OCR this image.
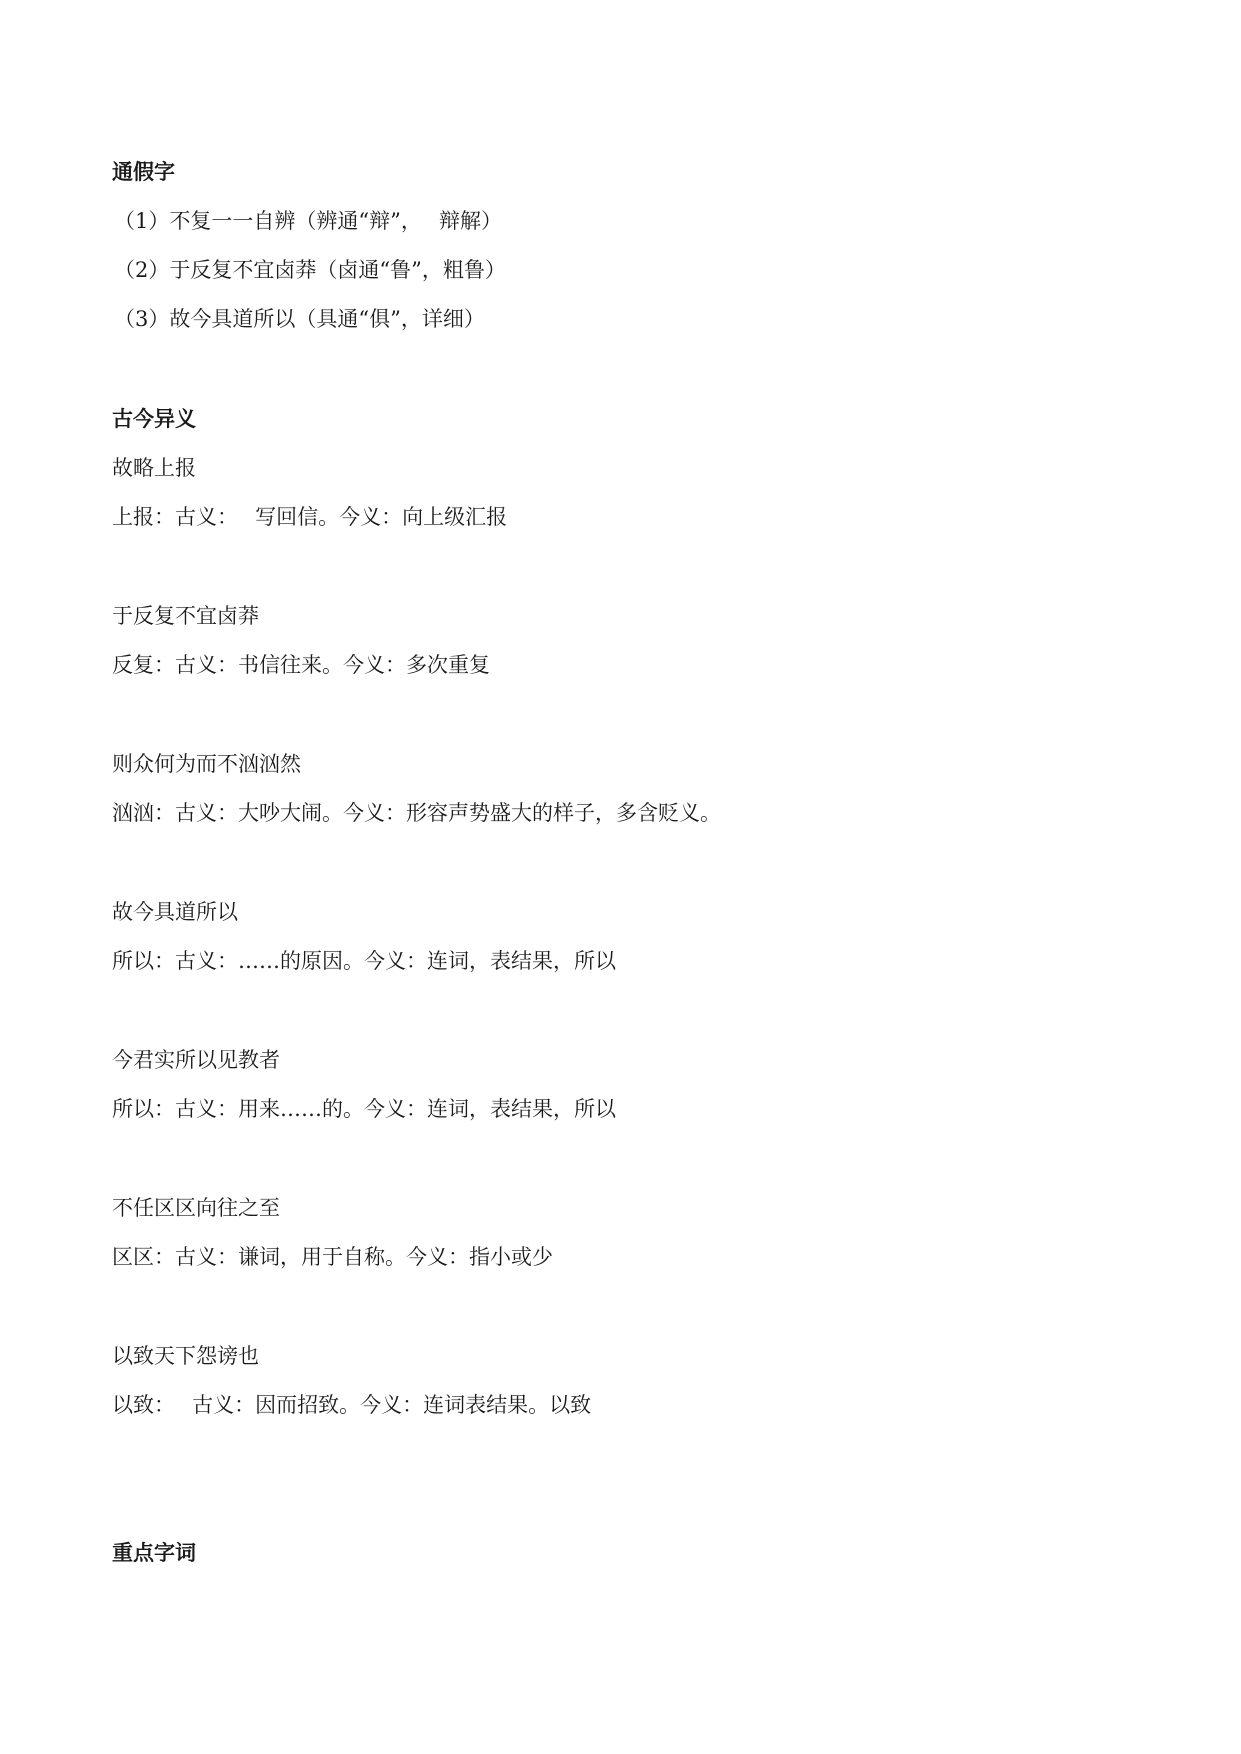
通假字
（1）不复一一自辨（辨通“辩”，　 辩解）
（2）于反复不宜卤莽（卤通“鲁”，粗鲁）
（3）故今具道所以（具通“俱”，详细）
古今异义
故略上报
上报：古义：　 写回信。今义：向上级汇报
于反复不宜卤莽
反复：古义：书信往来。今义：多次重复
则众何为而不汹汹然
汹汹：古义：大吵大闹。今义：形容声势盛大的样子，多含贬义。
故今具道所以
所以：古义：……的原因。今义：连词，表结果，所以
今君实所以见教者
所以：古义：用来……的。今义：连词，表结果，所以
不任区区向往之至
区区：古义：谦词，用于自称。今义：指小或少
以致天下怨谤也
以致：　 古义：因而招致。今义：连词表结果。以致
重点字词
